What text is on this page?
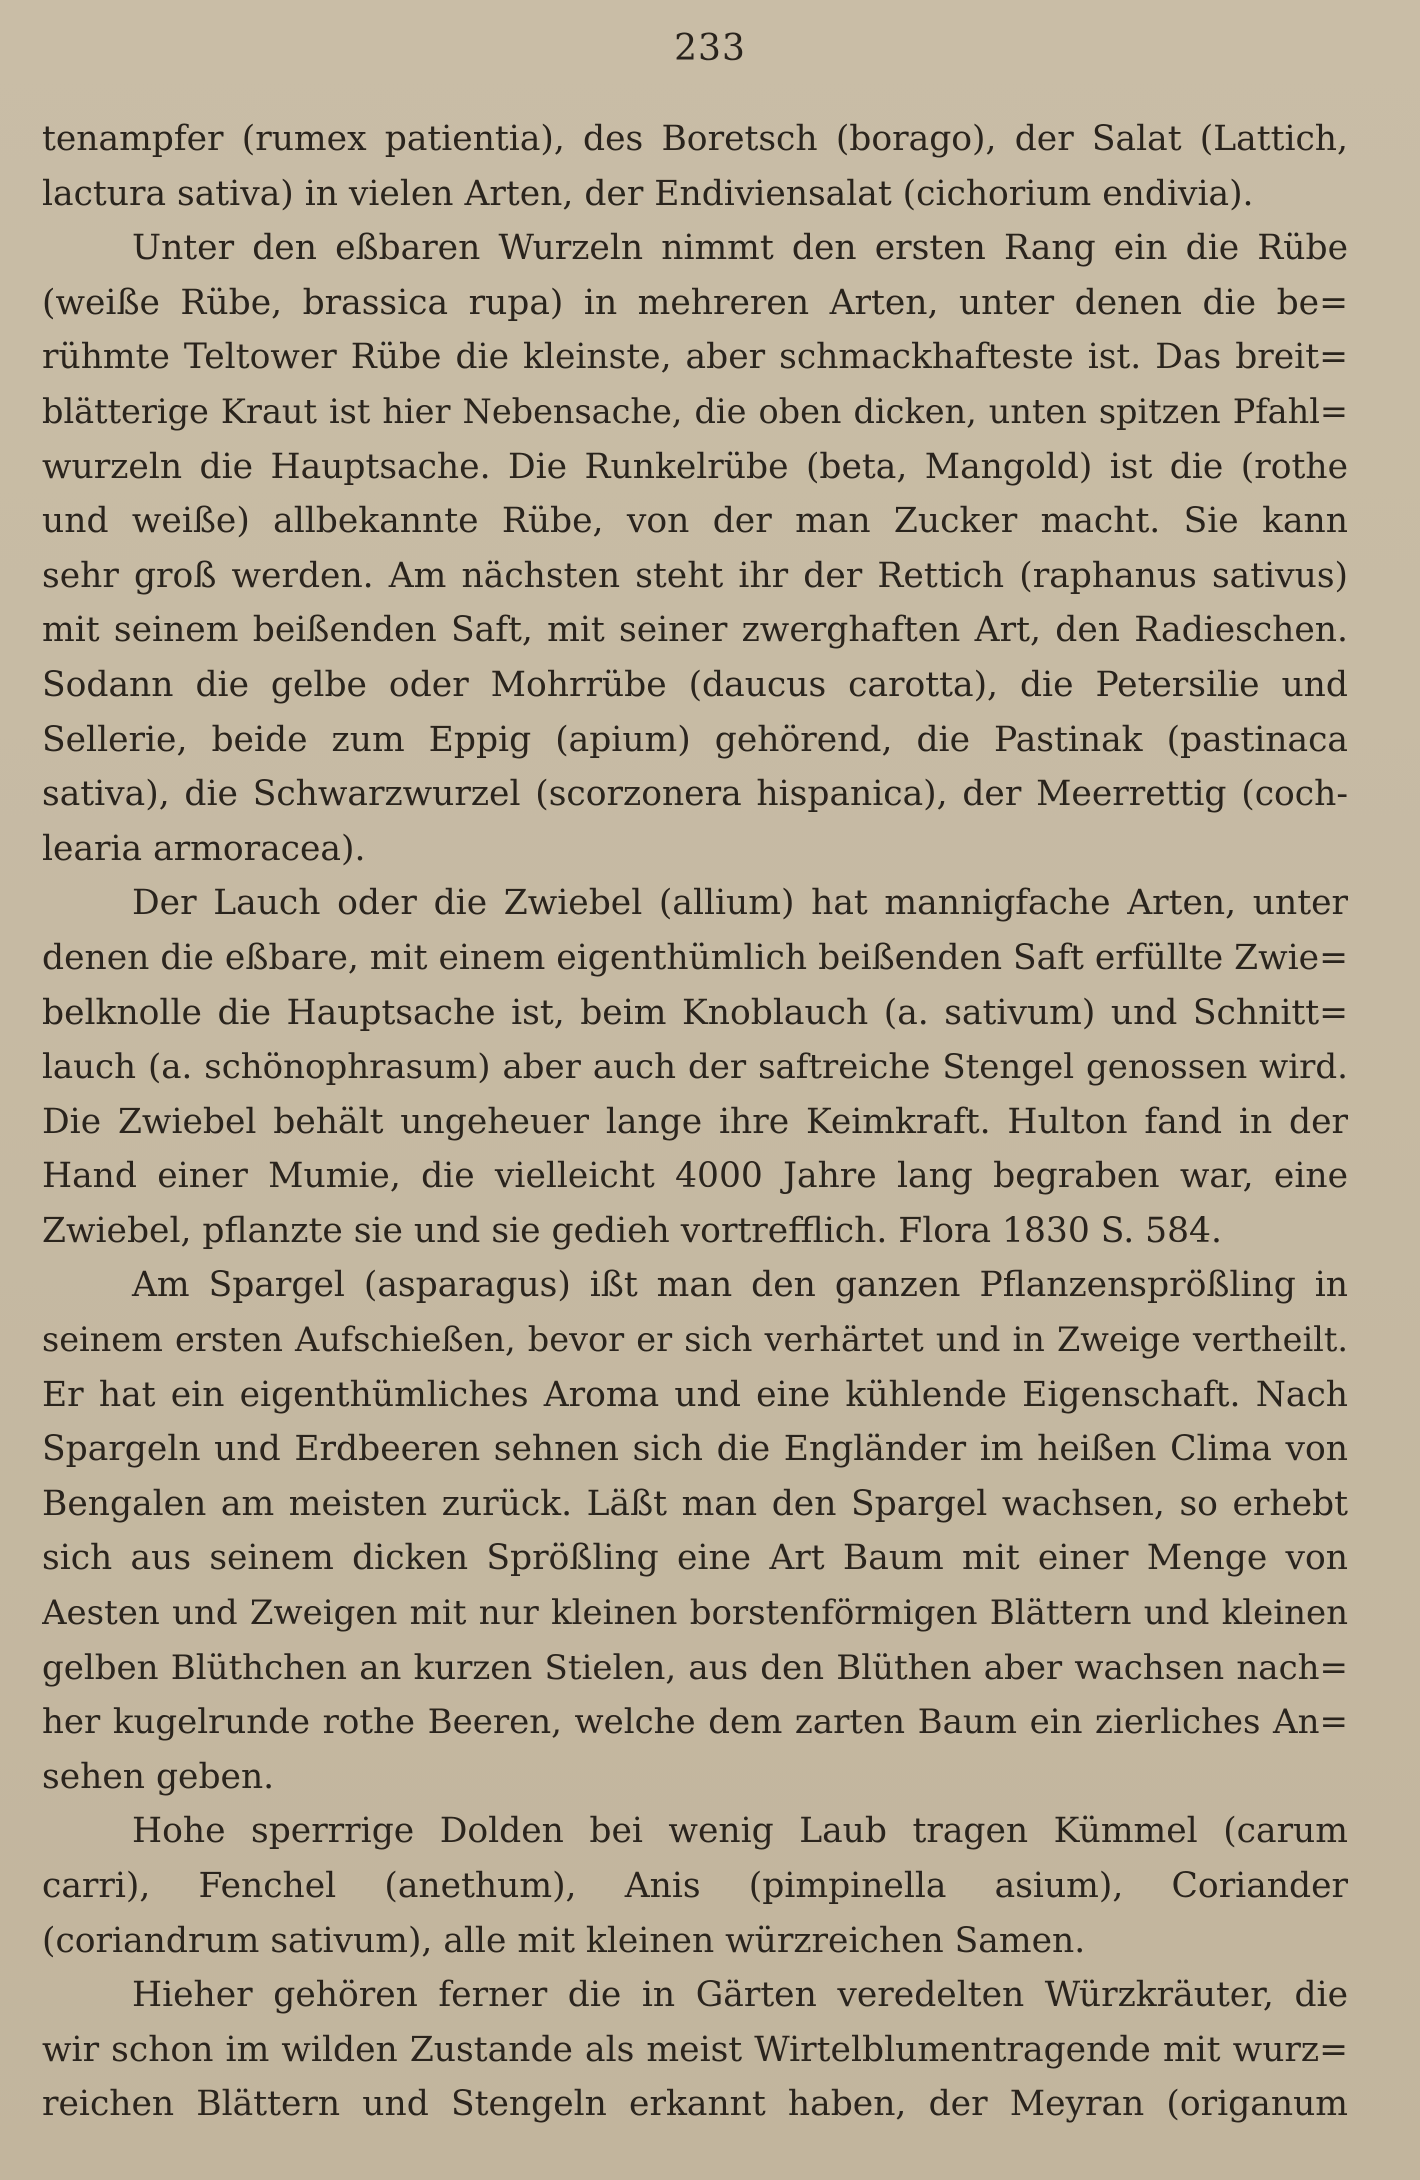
233
tenampfer (rumex patientia), des Boretsch (borago), der Salat (Lattich,
lactura sativa) in vielen Arten, der Endiviensalat (cichorium endivia).
Unter den eßbaren Wurzeln nimmt den ersten Rang ein die Rübe
(weiße Rübe, brassica rupa) in mehreren Arten, unter denen die be=
rühmte Teltower Rübe die kleinste, aber schmackhafteste ist. Das breit=
blätterige Kraut ist hier Nebensache, die oben dicken, unten spitzen Pfahl=
wurzeln die Hauptsache. Die Runkelrübe (beta, Mangold) ist die (rothe
und weiße) allbekannte Rübe, von der man Zucker macht. Sie kann
sehr groß werden. Am nächsten steht ihr der Rettich (raphanus sativus)
mit seinem beißenden Saft, mit seiner zwerghaften Art, den Radieschen.
Sodann die gelbe oder Mohrrübe (daucus carotta), die Petersilie und
Sellerie, beide zum Eppig (apium) gehörend, die Pastinak (pastinaca
sativa), die Schwarzwurzel (scorzonera hispanica), der Meerrettig (coch-
learia armoracea).
Der Lauch oder die Zwiebel (allium) hat mannigfache Arten, unter
denen die eßbare, mit einem eigenthümlich beißenden Saft erfüllte Zwie=
belknolle die Hauptsache ist, beim Knoblauch (a. sativum) und Schnitt=
lauch (a. schönophrasum) aber auch der saftreiche Stengel genossen wird.
Die Zwiebel behält ungeheuer lange ihre Keimkraft. Hulton fand in der
Hand einer Mumie, die vielleicht 4000 Jahre lang begraben war, eine
Zwiebel, pflanzte sie und sie gedieh vortrefflich. Flora 1830 S. 584.
Am Spargel (asparagus) ißt man den ganzen Pflanzensprößling in
seinem ersten Aufschießen, bevor er sich verhärtet und in Zweige vertheilt.
Er hat ein eigenthümliches Aroma und eine kühlende Eigenschaft. Nach
Spargeln und Erdbeeren sehnen sich die Engländer im heißen Clima von
Bengalen am meisten zurück. Läßt man den Spargel wachsen, so erhebt
sich aus seinem dicken Sprößling eine Art Baum mit einer Menge von
Aesten und Zweigen mit nur kleinen borstenförmigen Blättern und kleinen
gelben Blüthchen an kurzen Stielen, aus den Blüthen aber wachsen nach=
her kugelrunde rothe Beeren, welche dem zarten Baum ein zierliches An=
sehen geben.
Hohe sperrrige Dolden bei wenig Laub tragen Kümmel (carum
carri), Fenchel (anethum), Anis (pimpinella asium), Coriander
(coriandrum sativum), alle mit kleinen würzreichen Samen.
Hieher gehören ferner die in Gärten veredelten Würzkräuter, die
wir schon im wilden Zustande als meist Wirtelblumentragende mit wurz=
reichen Blättern und Stengeln erkannt haben, der Meyran (origanum
